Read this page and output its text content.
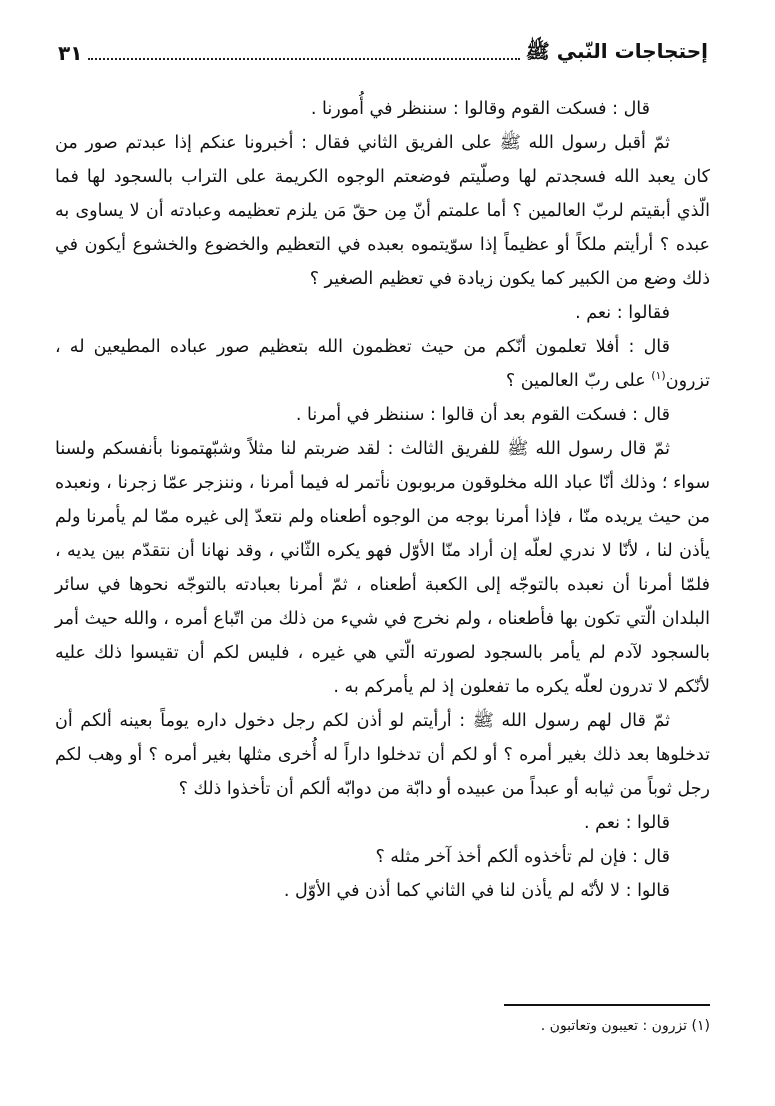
إحتجاجات النّبي ﷺ
٣١

قال : فسكت القوم وقالوا : سننظر في أُمورنا .

ثمّ أقبل رسول الله ﷺ على الفريق الثاني فقال : أخبرونا عنكم إذا عبدتم صور من كان يعبد الله فسجدتم لها وصلّيتم فوضعتم الوجوه الكريمة على التراب بالسجود لها فما الّذي أبقيتم لربّ العالمين ؟ أما علمتم أنّ مِن حقّ مَن يلزم تعظيمه وعبادته أن لا يساوى به عبده ؟ أرأيتم ملكاً أو عظيماً إذا سوّيتموه بعبده في التعظيم والخضوع والخشوع أيكون في ذلك وضع من الكبير كما يكون زيادة في تعظيم الصغير ؟

فقالوا : نعم .

قال : أفلا تعلمون أنّكم من حيث تعظمون الله بتعظيم صور عباده المطيعين له ، تزرون$^{(١)}$ على ربّ العالمين ؟

قال : فسكت القوم بعد أن قالوا : سننظر في أمرنا .

ثمّ قال رسول الله ﷺ للفريق الثالث : لقد ضربتم لنا مثلاً وشبّهتمونا بأنفسكم ولسنا سواء ؛ وذلك أنّا عباد الله مخلوقون مربوبون نأتمر له فيما أمرنا ، وننزجر عمّا زجرنا ، ونعبده من حيث يريده منّا ، فإذا أمرنا بوجه من الوجوه أطعناه ولم نتعدّ إلى غيره ممّا لم يأمرنا ولم يأذن لنا ، لأنّا لا ندري لعلّه إن أراد منّا الأوّل فهو يكره الثّاني ، وقد نهانا أن نتقدّم بين يديه ، فلمّا أمرنا أن نعبده بالتوجّه إلى الكعبة أطعناه ، ثمّ أمرنا بعبادته بالتوجّه نحوها في سائر البلدان الّتي تكون بها فأطعناه ، ولم نخرج في شيء من ذلك من اتّباع أمره ، والله حيث أمر بالسجود لآدم لم يأمر بالسجود لصورته الّتي هي غيره ، فليس لكم أن تقيسوا ذلك عليه لأنّكم لا تدرون لعلّه يكره ما تفعلون إذ لم يأمركم به .

ثمّ قال لهم رسول الله ﷺ : أرأيتم لو أذن لكم رجل دخول داره يوماً بعينه ألكم أن تدخلوها بعد ذلك بغير أمره ؟ أو لكم أن تدخلوا داراً له أُخرى مثلها بغير أمره ؟ أو وهب لكم رجل ثوباً من ثيابه أو عبداً من عبيده أو دابّة من دوابّه ألكم أن تأخذوا ذلك ؟

قالوا : نعم .

قال : فإن لم تأخذوه ألكم أخذ آخر مثله ؟

قالوا : لا لأنّه لم يأذن لنا في الثاني كما أذن في الأوّل .

(١) تزرون : تعيبون وتعاتبون .
